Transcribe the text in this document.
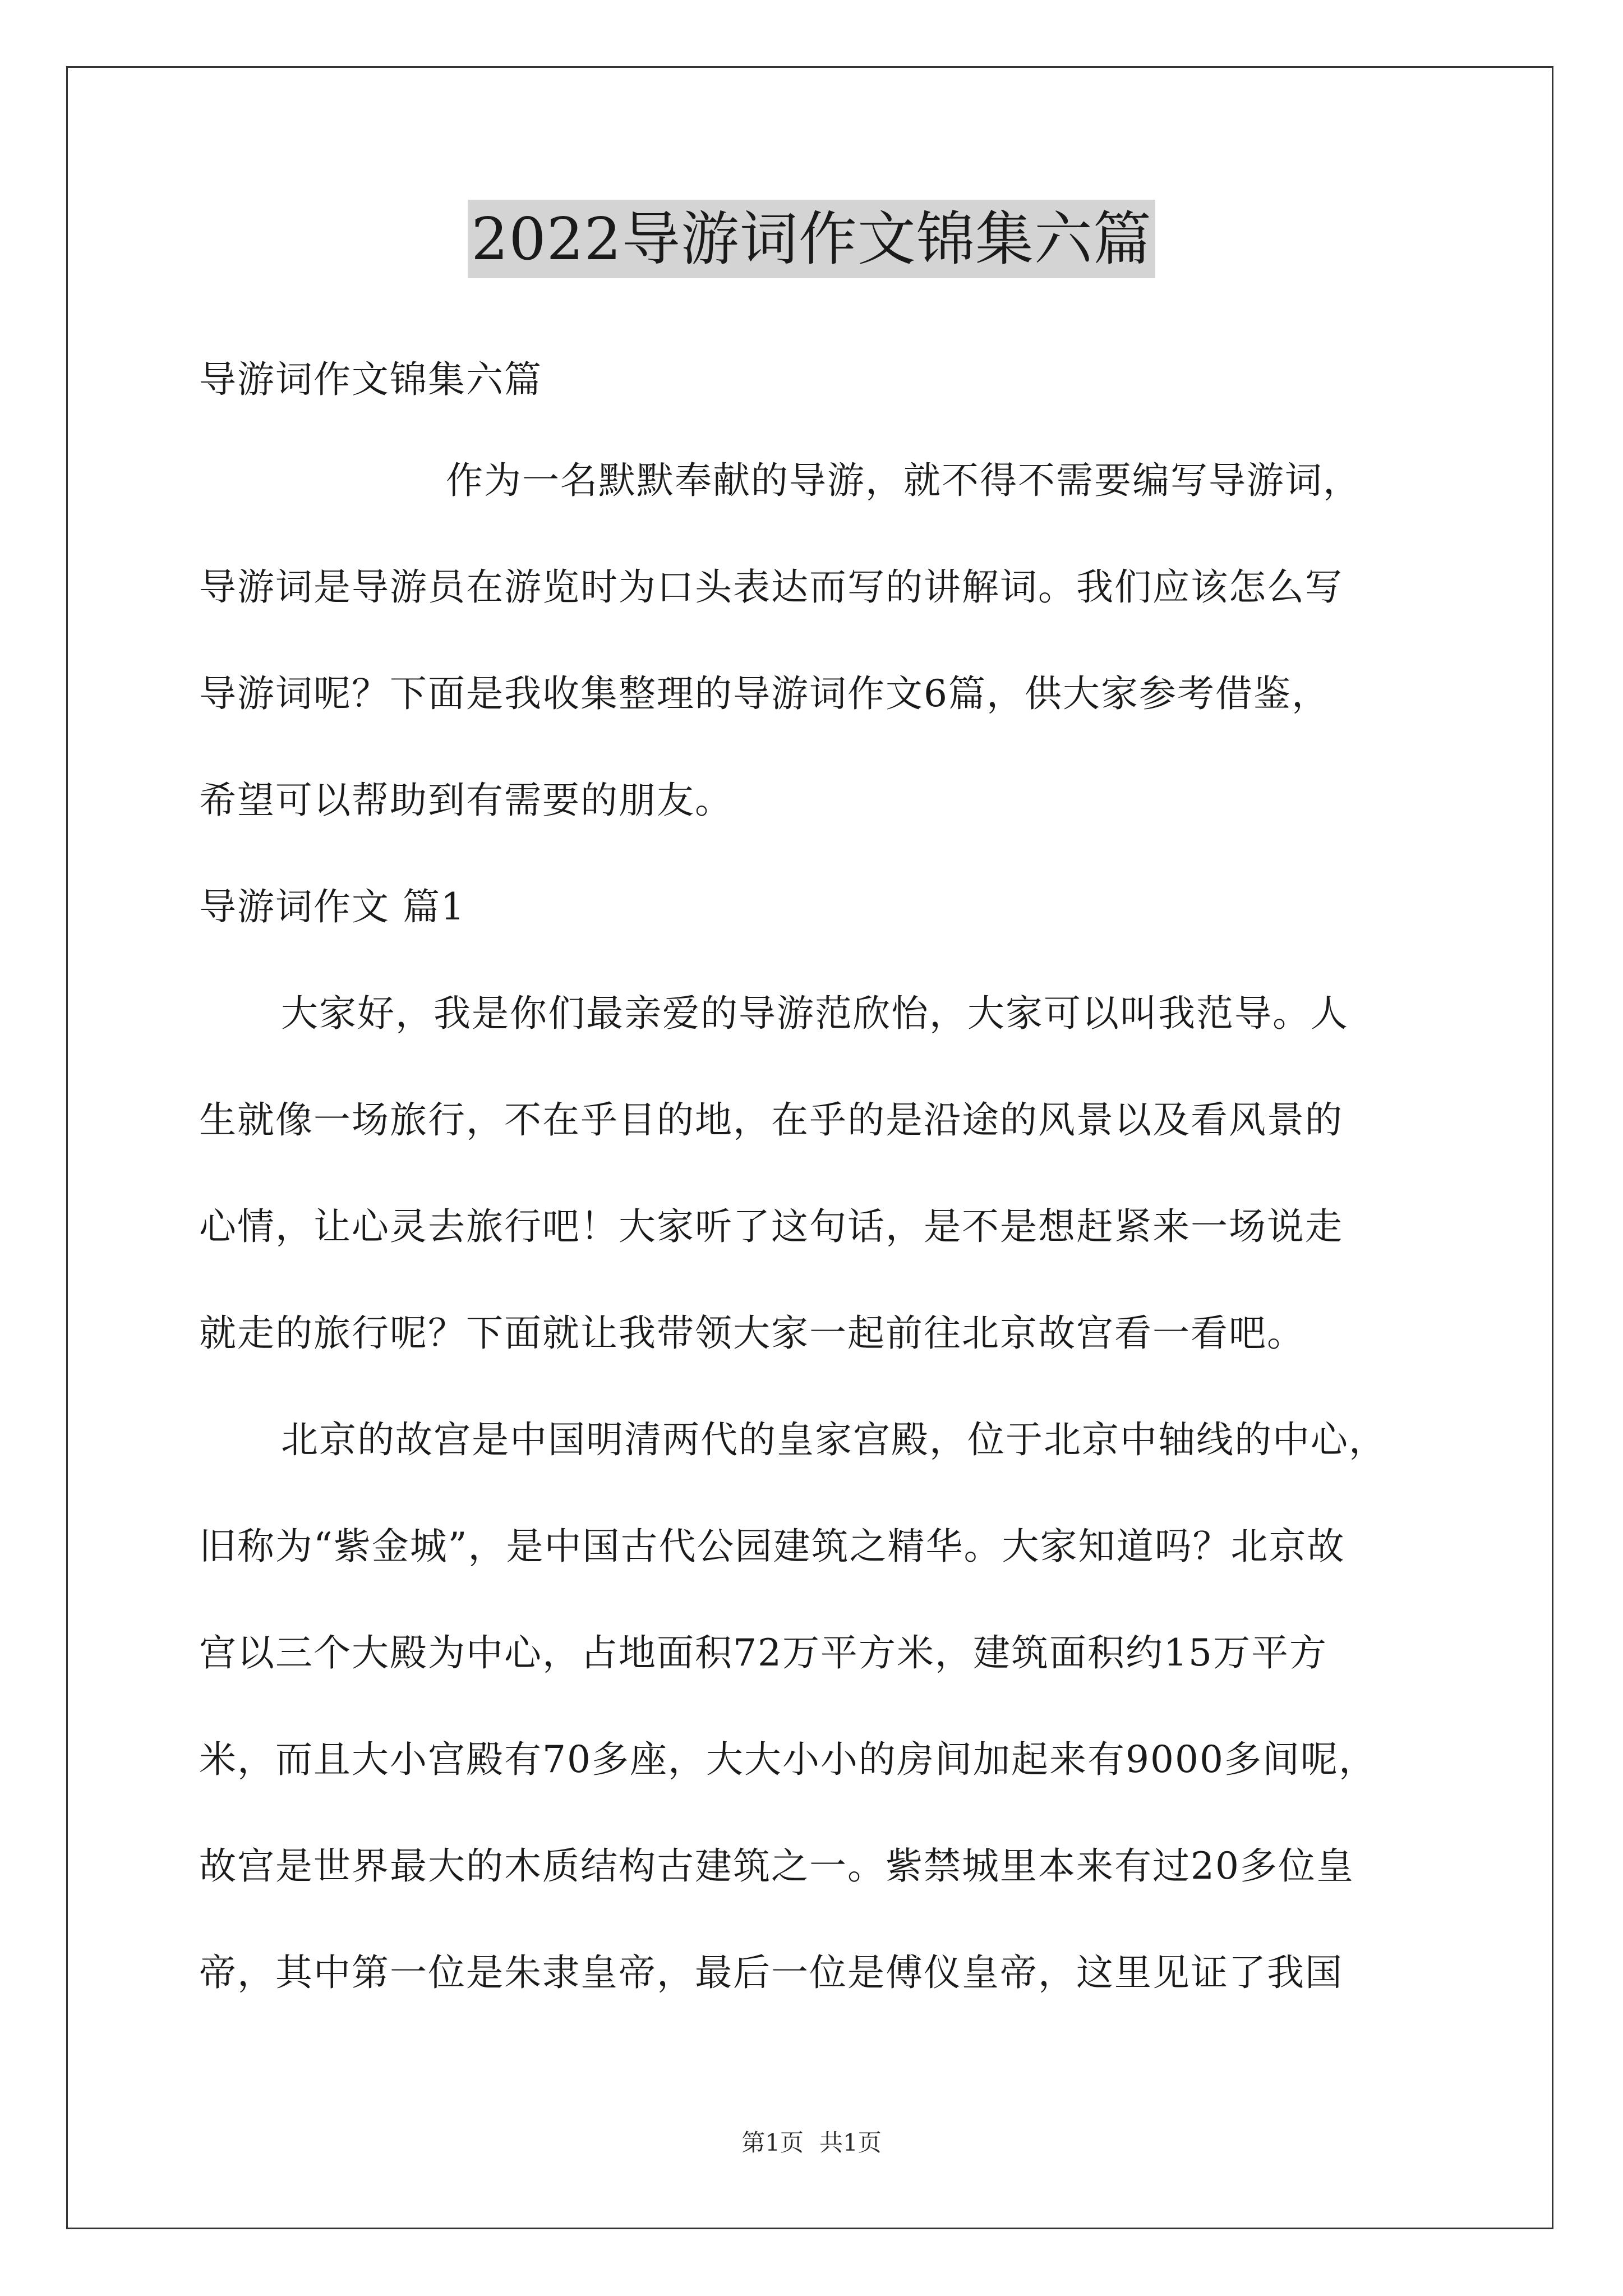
2022导游词作文锦集六篇
导游词作文锦集六篇
作为一名默默奉献的导游，就不得不需要编写导游词，
导游词是导游员在游览时为口头表达而写的讲解词。我们应该怎么写
导游词呢？下面是我收集整理的导游词作文6篇，供大家参考借鉴，
希望可以帮助到有需要的朋友。
导游词作文 篇1
大家好，我是你们最亲爱的导游范欣怡，大家可以叫我范导。人
生就像一场旅行，不在乎目的地，在乎的是沿途的风景以及看风景的
心情，让心灵去旅行吧！大家听了这句话，是不是想赶紧来一场说走
就走的旅行呢？下面就让我带领大家一起前往北京故宫看一看吧。
北京的故宫是中国明清两代的皇家宫殿，位于北京中轴线的中心，
旧称为“紫金城”，是中国古代公园建筑之精华。大家知道吗？北京故
宫以三个大殿为中心，占地面积72万平方米，建筑面积约15万平方
米，而且大小宫殿有70多座，大大小小的房间加起来有9000多间呢，
故宫是世界最大的木质结构古建筑之一。紫禁城里本来有过20多位皇
帝，其中第一位是朱隶皇帝，最后一位是傅仪皇帝，这里见证了我国
第1页 共1页
